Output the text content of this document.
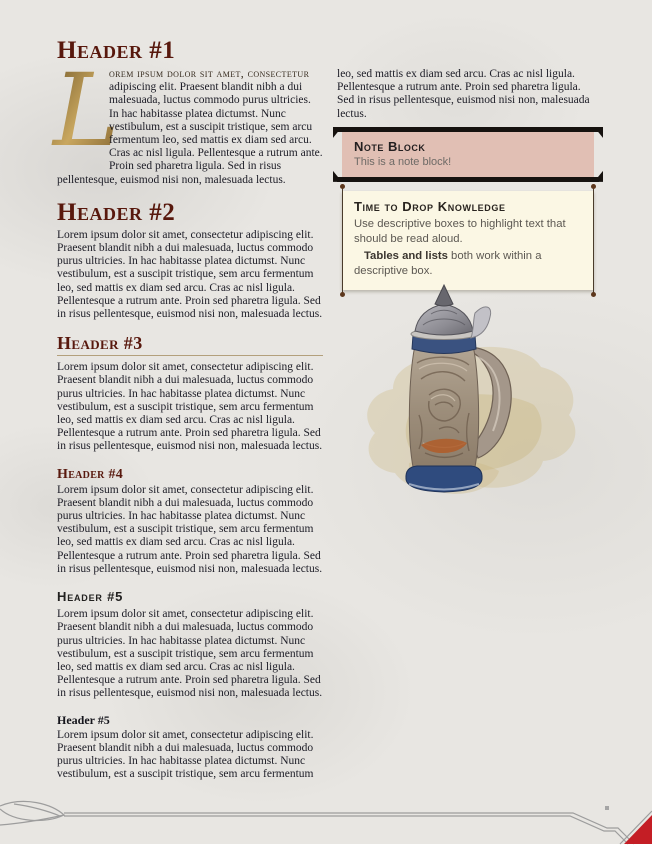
Header #1

L
orem ipsum dolor sit amet, consectetur adipiscing elit. Praesent blandit nibh a dui malesuada, luctus commodo purus ultricies. In hac habitasse platea dictumst. Nunc vestibulum, est a suscipit tristique, sem arcu fermentum leo, sed mattis ex diam sed arcu. Cras ac nisl ligula. Pellentesque a rutrum ante. Proin sed pharetra ligula. Sed in risus pellentesque, euismod nisi non, malesuada lectus.

Header #2

Lorem ipsum dolor sit amet, consectetur adipiscing elit. Praesent blandit nibh a dui malesuada, luctus commodo purus ultricies. In hac habitasse platea dictumst. Nunc vestibulum, est a suscipit tristique, sem arcu fermentum leo, sed mattis ex diam sed arcu. Cras ac nisl ligula. Pellentesque a rutrum ante. Proin sed pharetra ligula. Sed in risus pellentesque, euismod nisi non, malesuada lectus.

Header #3

Lorem ipsum dolor sit amet, consectetur adipiscing elit. Praesent blandit nibh a dui malesuada, luctus commodo purus ultricies. In hac habitasse platea dictumst. Nunc vestibulum, est a suscipit tristique, sem arcu fermentum leo, sed mattis ex diam sed arcu. Cras ac nisl ligula. Pellentesque a rutrum ante. Proin sed pharetra ligula. Sed in risus pellentesque, euismod nisi non, malesuada lectus.

Header #4

Lorem ipsum dolor sit amet, consectetur adipiscing elit. Praesent blandit nibh a dui malesuada, luctus commodo purus ultricies. In hac habitasse platea dictumst. Nunc vestibulum, est a suscipit tristique, sem arcu fermentum leo, sed mattis ex diam sed arcu. Cras ac nisl ligula. Pellentesque a rutrum ante. Proin sed pharetra ligula. Sed in risus pellentesque, euismod nisi non, malesuada lectus.

Header #5

Lorem ipsum dolor sit amet, consectetur adipiscing elit. Praesent blandit nibh a dui malesuada, luctus commodo purus ultricies. In hac habitasse platea dictumst. Nunc vestibulum, est a suscipit tristique, sem arcu fermentum leo, sed mattis ex diam sed arcu. Cras ac nisl ligula. Pellentesque a rutrum ante. Proin sed pharetra ligula. Sed in risus pellentesque, euismod nisi non, malesuada lectus.

Header #5

Lorem ipsum dolor sit amet, consectetur adipiscing elit. Praesent blandit nibh a dui malesuada, luctus commodo purus ultricies. In hac habitasse platea dictumst. Nunc vestibulum, est a suscipit tristique, sem arcu fermentum

leo, sed mattis ex diam sed arcu. Cras ac nisl ligula. Pellentesque a rutrum ante. Proin sed pharetra ligula. Sed in risus pellentesque, euismod nisi non, malesuada lectus.

Note Block
This is a note block!
Time to Drop Knowledge
Use descriptive boxes to highlight text that should be read aloud.
Tables and lists both work within a descriptive box.
